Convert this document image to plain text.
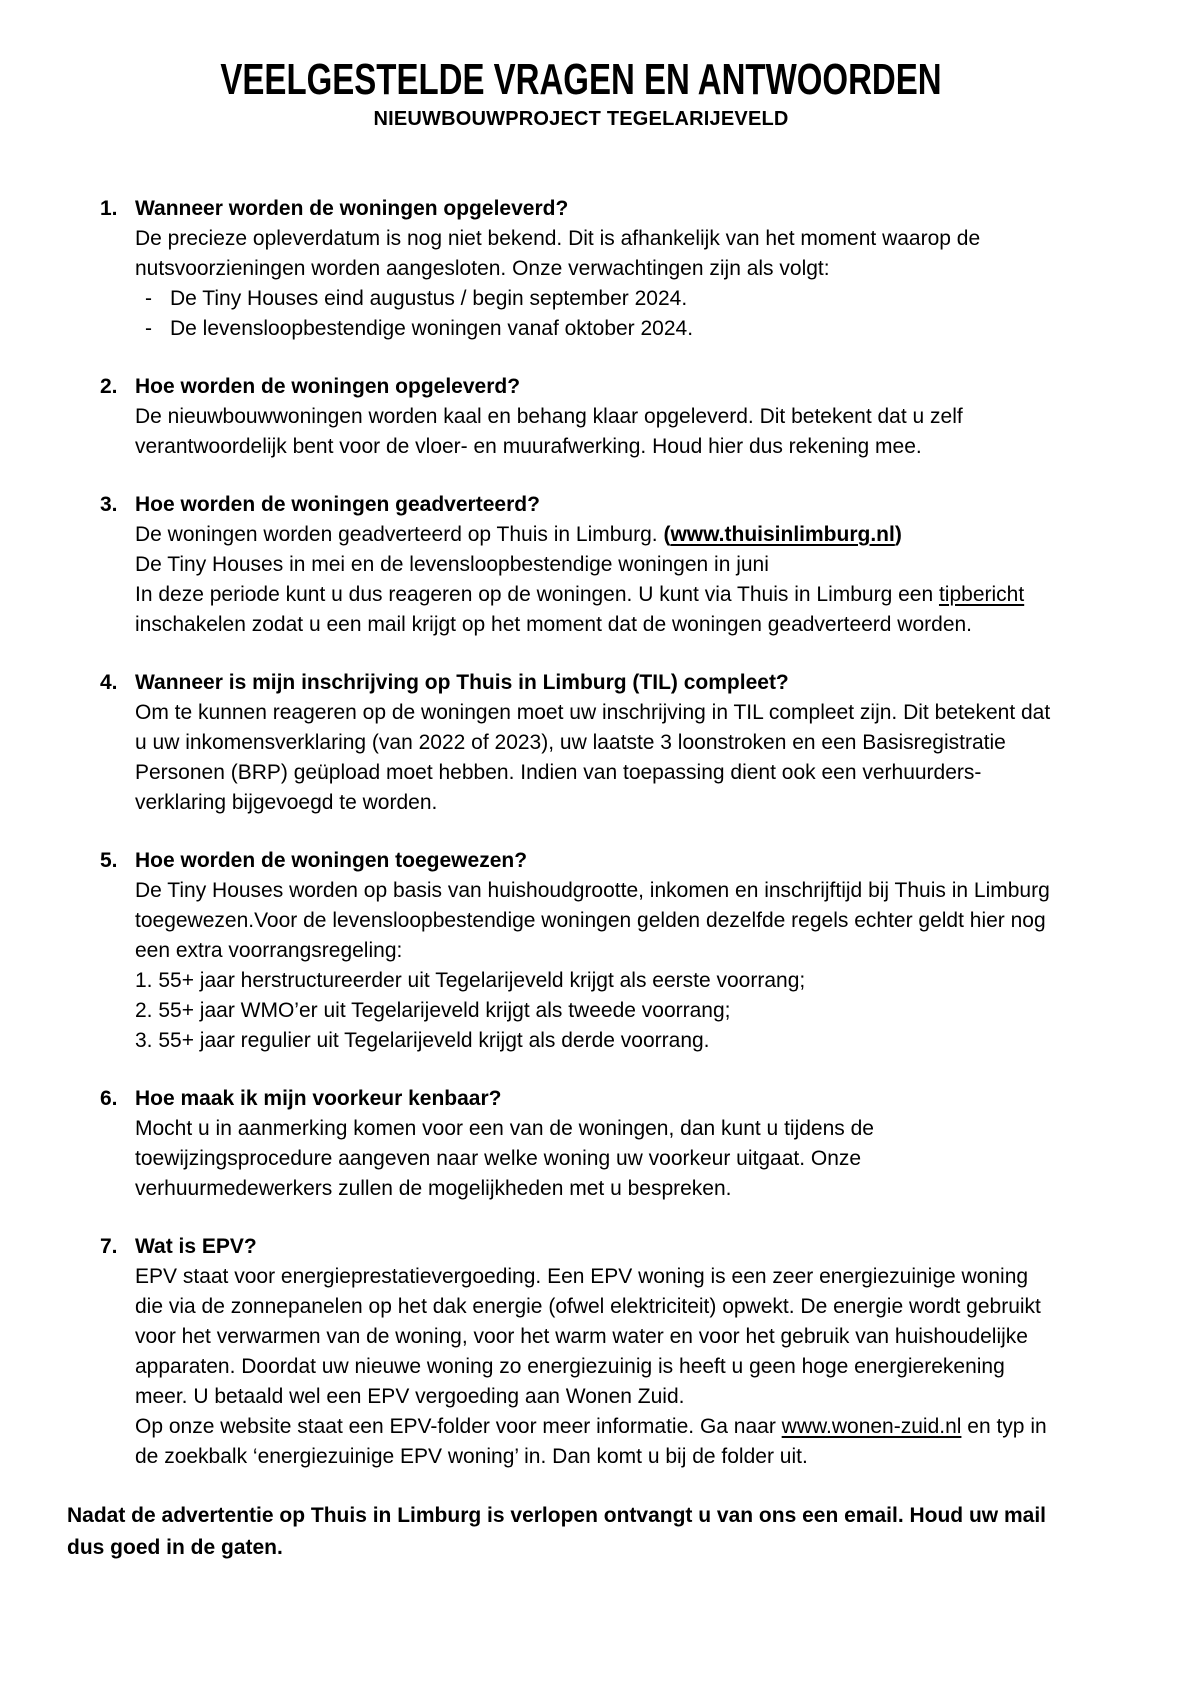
VEELGESTELDE VRAGEN EN ANTWOORDEN
NIEUWBOUWPROJECT TEGELARIJEVELD
1. Wanneer worden de woningen opgeleverd?
De precieze opleverdatum is nog niet bekend. Dit is afhankelijk van het moment waarop de nutsvoorzieningen worden aangesloten. Onze verwachtingen zijn als volgt:
- De Tiny Houses eind augustus / begin september 2024.
- De levensloopbestendige woningen vanaf oktober 2024.
2. Hoe worden de woningen opgeleverd?
De nieuwbouwwoningen worden kaal en behang klaar opgeleverd. Dit betekent dat u zelf verantwoordelijk bent voor de vloer- en muurafwerking. Houd hier dus rekening mee.
3. Hoe worden de woningen geadverteerd?
De woningen worden geadverteerd op Thuis in Limburg. (www.thuisinlimburg.nl)
De Tiny Houses in mei en de levensloopbestendige woningen in juni
In deze periode kunt u dus reageren op de woningen. U kunt via Thuis in Limburg een tipbericht inschakelen zodat u een mail krijgt op het moment dat de woningen geadverteerd worden.
4. Wanneer is mijn inschrijving op Thuis in Limburg (TIL) compleet?
Om te kunnen reageren op de woningen moet uw inschrijving in TIL compleet zijn. Dit betekent dat u uw inkomensverklaring (van 2022 of 2023), uw laatste 3 loonstroken en een Basisregistratie Personen (BRP) geüpload moet hebben. Indien van toepassing dient ook een verhuurders-verklaring bijgevoegd te worden.
5. Hoe worden de woningen toegewezen?
De Tiny Houses worden op basis van huishoudgrootte, inkomen en inschrijftijd bij Thuis in Limburg toegewezen.Voor de levensloopbestendige woningen gelden dezelfde regels echter geldt hier nog een extra voorrangsregeling:
1. 55+ jaar herstructureerder uit Tegelarijeveld krijgt als eerste voorrang;
2. 55+ jaar WMO’er uit Tegelarijeveld krijgt als tweede voorrang;
3. 55+ jaar regulier uit Tegelarijeveld krijgt als derde voorrang.
6. Hoe maak ik mijn voorkeur kenbaar?
Mocht u in aanmerking komen voor een van de woningen, dan kunt u tijdens de toewijzingsprocedure aangeven naar welke woning uw voorkeur uitgaat. Onze verhuurmedewerkers zullen de mogelijkheden met u bespreken.
7. Wat is EPV?
EPV staat voor energieprestatievergoeding. Een EPV woning is een zeer energiezuinige woning die via de zonnepanelen op het dak energie (ofwel elektriciteit) opwekt. De energie wordt gebruikt voor het verwarmen van de woning, voor het warm water en voor het gebruik van huishoudelijke apparaten. Doordat uw nieuwe woning zo energiezuinig is heeft u geen hoge energierekening meer. U betaald wel een EPV vergoeding aan Wonen Zuid.
Op onze website staat een EPV-folder voor meer informatie. Ga naar www.wonen-zuid.nl en typ in de zoekbalk ‘energiezuinige EPV woning’ in. Dan komt u bij de folder uit.
Nadat de advertentie op Thuis in Limburg is verlopen ontvangt u van ons een email. Houd uw mail dus goed in de gaten.
